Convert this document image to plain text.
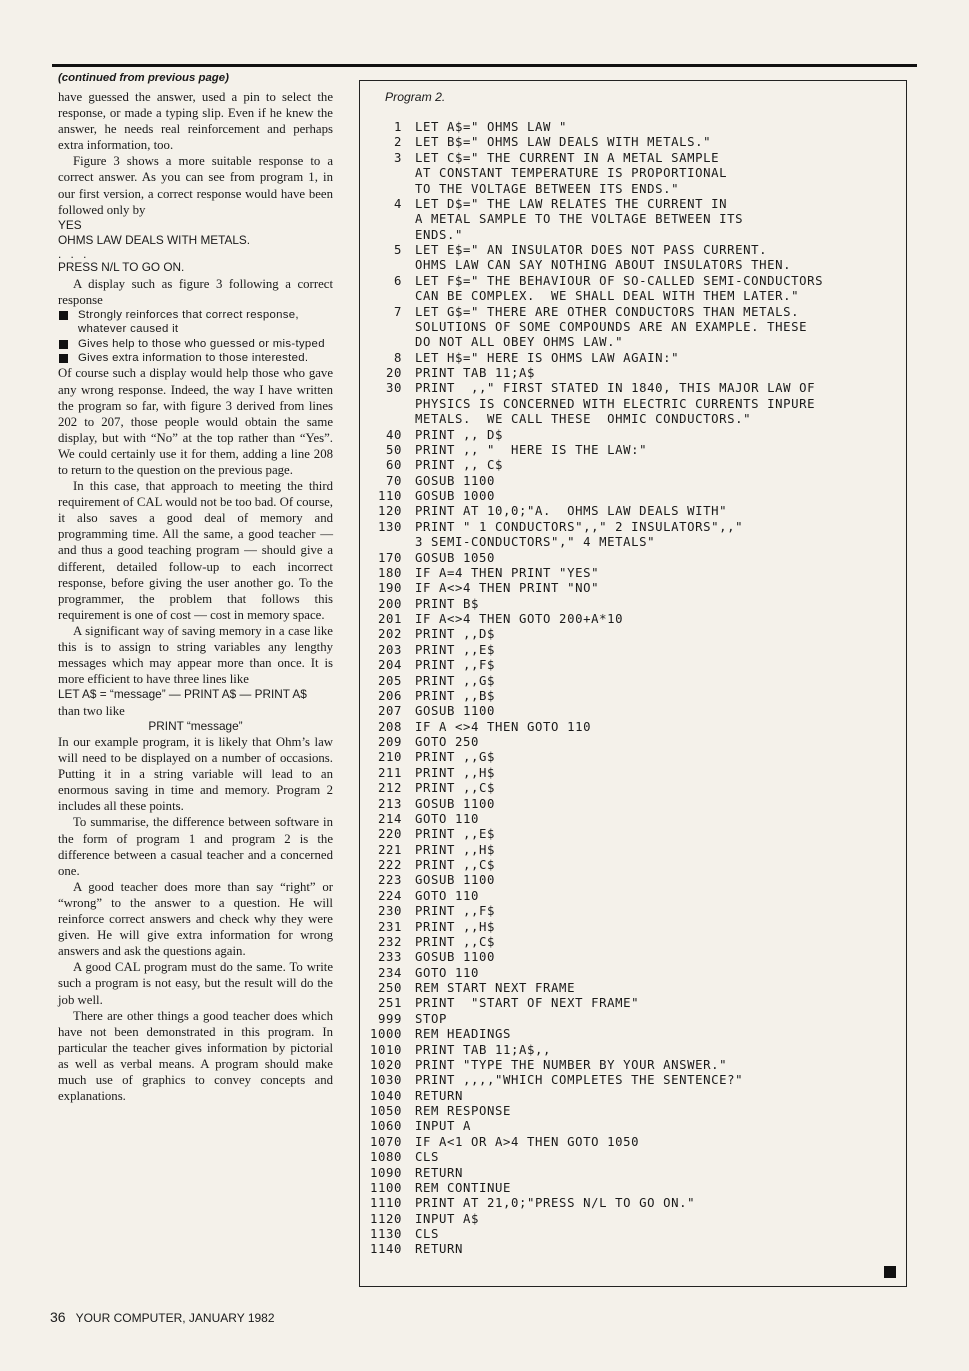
(continued from previous page)

have guessed the answer, used a pin to select the response, or made a typing slip. Even if he knew the answer, he needs real reinforcement and perhaps extra information, too.

Figure 3 shows a more suitable response to a correct answer. As you can see from program 1, in our first version, a correct response would have been followed only by

YES

OHMS LAW DEALS WITH METALS.

. . .

PRESS N/L TO GO ON.

A display such as figure 3 following a correct response

Strongly reinforces that correct response, whatever caused it
Gives help to those who guessed or mis-typed
Gives extra information to those interested.

Of course such a display would help those who gave any wrong response. Indeed, the way I have written the program so far, with figure 3 derived from lines 202 to 207, those people would obtain the same display, but with “No” at the top rather than “Yes”. We could certainly use it for them, adding a line 208 to return to the question on the previous page.

In this case, that approach to meeting the third requirement of CAL would not be too bad. Of course, it also saves a good deal of memory and programming time. All the same, a good teacher — and thus a good teaching program — should give a different, detailed follow-up to each incorrect response, before giving the user another go. To the programmer, the problem that follows this requirement is one of cost — cost in memory space.

A significant way of saving memory in a case like this is to assign to string variables any lengthy messages which may appear more than once. It is more efficient to have three lines like

LET A$ = “message” — PRINT A$ — PRINT A$

than two like

PRINT “message”

In our example program, it is likely that Ohm’s law will need to be displayed on a number of occasions. Putting it in a string variable will lead to an enormous saving in time and memory. Program 2 includes all these points.

To summarise, the difference between software in the form of program 1 and program 2 is the difference between a casual teacher and a concerned one.

A good teacher does more than say “right” or “wrong” to the answer to a question. He will reinforce correct answers and check why they were given. He will give extra information for wrong answers and ask the questions again.

A good CAL program must do the same. To write such a program is not easy, but the result will do the job well.

There are other things a good teacher does which have not been demonstrated in this program. In particular the teacher gives information by pictorial as well as verbal means. A program should make much use of graphics to convey concepts and explanations.

Program 2.
1 LET A$=" OHMS LAW "
2 LET B$=" OHMS LAW DEALS WITH METALS."
3 LET C$=" THE CURRENT IN A METAL SAMPLE
AT CONSTANT TEMPERATURE IS PROPORTIONAL
TO THE VOLTAGE BETWEEN ITS ENDS."
4 LET D$=" THE LAW RELATES THE CURRENT IN
A METAL SAMPLE TO THE VOLTAGE BETWEEN ITS
ENDS."
5 LET E$=" AN INSULATOR DOES NOT PASS CURRENT.
OHMS LAW CAN SAY NOTHING ABOUT INSULATORS THEN.
6 LET F$=" THE BEHAVIOUR OF SO-CALLED SEMI-CONDUCTORS
CAN BE COMPLEX.  WE SHALL DEAL WITH THEM LATER."
7 LET G$=" THERE ARE OTHER CONDUCTORS THAN METALS.
SOLUTIONS OF SOME COMPOUNDS ARE AN EXAMPLE. THESE
DO NOT ALL OBEY OHMS LAW."
8 LET H$=" HERE IS OHMS LAW AGAIN:"
20 PRINT TAB 11;A$
30 PRINT  ,," FIRST STATED IN 1840, THIS MAJOR LAW OF
PHYSICS IS CONCERNED WITH ELECTRIC CURRENTS INPURE
METALS.  WE CALL THESE  OHMIC CONDUCTORS."
40 PRINT ,, D$
50 PRINT ,, "  HERE IS THE LAW:"
60 PRINT ,, C$
70 GOSUB 1100
110 GOSUB 1000
120 PRINT AT 10,0;"A.  OHMS LAW DEALS WITH"
130 PRINT " 1 CONDUCTORS",," 2 INSULATORS",,"
3 SEMI-CONDUCTORS"," 4 METALS"
170 GOSUB 1050
180 IF A=4 THEN PRINT "YES"
190 IF A<>4 THEN PRINT "NO"
200 PRINT B$
201 IF A<>4 THEN GOTO 200+A*10
202 PRINT ,,D$
203 PRINT ,,E$
204 PRINT ,,F$
205 PRINT ,,G$
206 PRINT ,,B$
207 GOSUB 1100
208 IF A <>4 THEN GOTO 110
209 GOTO 250
210 PRINT ,,G$
211 PRINT ,,H$
212 PRINT ,,C$
213 GOSUB 1100
214 GOTO 110
220 PRINT ,,E$
221 PRINT ,,H$
222 PRINT ,,C$
223 GOSUB 1100
224 GOTO 110
230 PRINT ,,F$
231 PRINT ,,H$
232 PRINT ,,C$
233 GOSUB 1100
234 GOTO 110
250 REM START NEXT FRAME
251 PRINT  "START OF NEXT FRAME"
999 STOP
1000 REM HEADINGS
1010 PRINT TAB 11;A$,,
1020 PRINT "TYPE THE NUMBER BY YOUR ANSWER."
1030 PRINT ,,,,"WHICH COMPLETES THE SENTENCE?"
1040 RETURN
1050 REM RESPONSE
1060 INPUT A
1070 IF A<1 OR A>4 THEN GOTO 1050
1080 CLS
1090 RETURN
1100 REM CONTINUE
1110 PRINT AT 21,0;"PRESS N/L TO GO ON."
1120 INPUT A$
1130 CLS
1140 RETURN
36 YOUR COMPUTER, JANUARY 1982
